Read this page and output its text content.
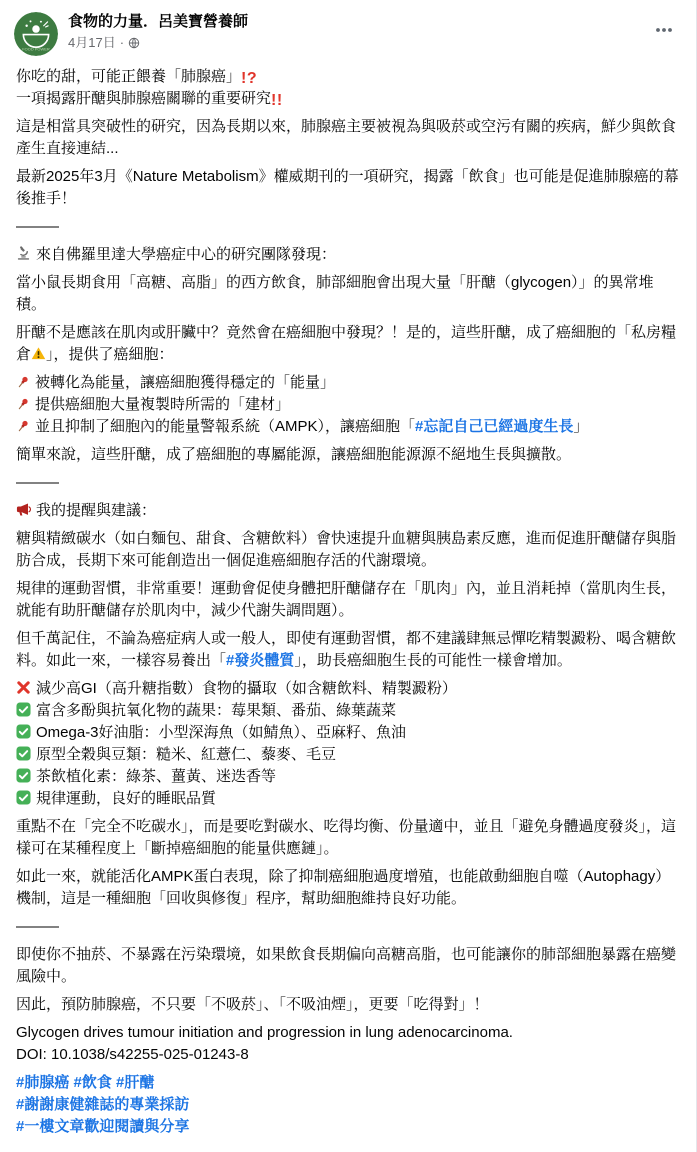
FOOD POWER
食物的力量．呂美寶營養師
4月17日 ·
你吃的甜，可能正餵養「肺腺癌」!?
一項揭露肝醣與肺腺癌關聯的重要研究!!
這是相當具突破性的研究，因為長期以來，肺腺癌主要被視為與吸菸或空污有關的疾病，鮮少與飲食產生直接連結...
最新2025年3月《Nature Metabolism》權威期刊的一項研究，揭露「飲食」也可能是促進肺腺癌的幕後推手！
———
來自佛羅里達大學癌症中心的研究團隊發現：
當小鼠長期食用「高糖、高脂」的西方飲食，肺部細胞會出現大量「肝醣（glycogen）」的異常堆積。
肝醣不是應該在肌肉或肝臟中？竟然會在癌細胞中發現？！是的，這些肝醣，成了癌細胞的「私房糧倉 」，提供了癌細胞：
被轉化為能量，讓癌細胞獲得穩定的「能量」
提供癌細胞大量複製時所需的「建材」
並且抑制了細胞內的能量警報系統（AMPK），讓癌細胞「#忘記自己已經過度生長」
簡單來說，這些肝醣，成了癌細胞的專屬能源，讓癌細胞能源源不絕地生長與擴散。
———
我的提醒與建議：
糖與精緻碳水（如白麵包、甜食、含糖飲料）會快速提升血糖與胰島素反應，進而促進肝醣儲存與脂肪合成，長期下來可能創造出一個促進癌細胞存活的代謝環境。
規律的運動習慣，非常重要！運動會促使身體把肝醣儲存在「肌肉」內，並且消耗掉（當肌肉生長，就能有助肝醣儲存於肌肉中，減少代謝失調問題）。
但千萬記住，不論為癌症病人或一般人，即使有運動習慣，都不建議肆無忌憚吃精製澱粉、喝含糖飲料。如此一來，一樣容易養出「#發炎體質」，助長癌細胞生長的可能性一樣會增加。
減少高GI（高升糖指數）食物的攝取（如含糖飲料、精製澱粉）
富含多酚與抗氧化物的蔬果：莓果類、番茄、綠葉蔬菜
Omega-3好油脂：小型深海魚（如鯖魚）、亞麻籽、魚油
原型全穀與豆類：糙米、紅薏仁、藜麥、毛豆
茶飲植化素：綠茶、薑黃、迷迭香等
規律運動，良好的睡眠品質
重點不在「完全不吃碳水」，而是要吃對碳水、吃得均衡、份量適中，並且「避免身體過度發炎」，這樣可在某種程度上「斷掉癌細胞的能量供應鏈」。
如此一來，就能活化AMPK蛋白表現，除了抑制癌細胞過度增殖，也能啟動細胞自噬（Autophagy）機制，這是一種細胞「回收與修復」程序，幫助細胞維持良好功能。
———
即使你不抽菸、不暴露在污染環境，如果飲食長期偏向高糖高脂，也可能讓你的肺部細胞暴露在癌變風險中。
因此，預防肺腺癌，不只要「不吸菸」、「不吸油煙」，更要「吃得對」！
Glycogen drives tumour initiation and progression in lung adenocarcinoma.
DOI: 10.1038/s42255-025-01243-8
#肺腺癌 #飲食 #肝醣
#謝謝康健雜誌的專業採訪
#一樓文章歡迎閱讀與分享
